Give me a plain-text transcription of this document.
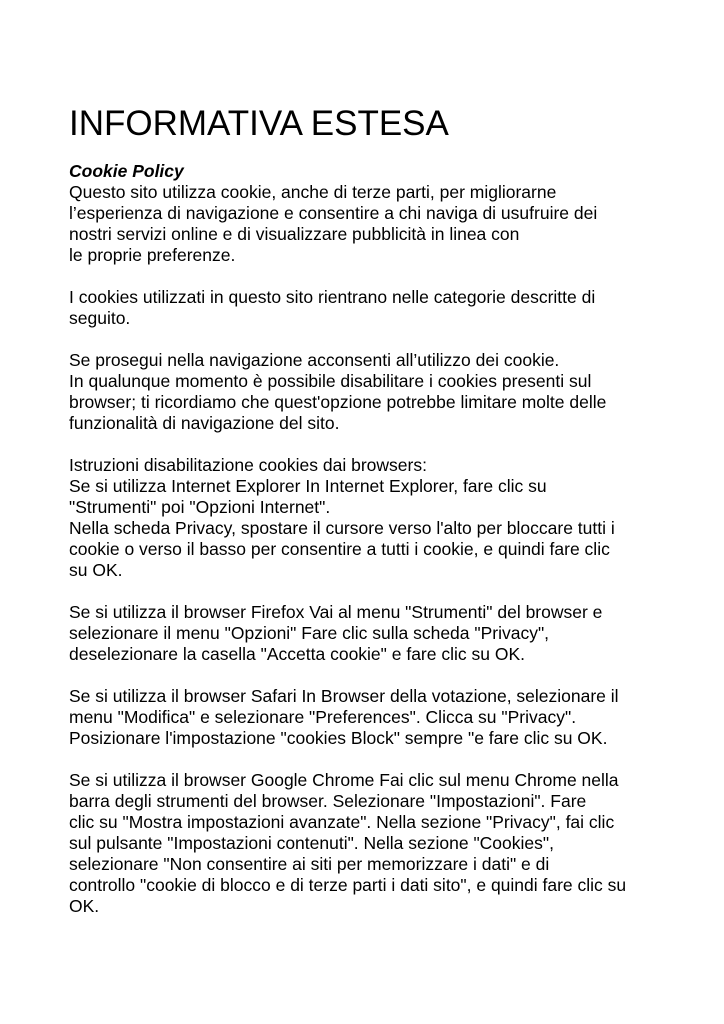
INFORMATIVA ESTESA
Cookie Policy
Questo sito utilizza cookie, anche di terze parti, per migliorarne
l’esperienza di navigazione e consentire a chi naviga di usufruire dei
nostri servizi online e di visualizzare pubblicità in linea con
le proprie preferenze.
I cookies utilizzati in questo sito rientrano nelle categorie descritte di
seguito.
Se prosegui nella navigazione acconsenti all’utilizzo dei cookie.
In qualunque momento è possibile disabilitare i cookies presenti sul
browser; ti ricordiamo che quest'opzione potrebbe limitare molte delle
funzionalità di navigazione del sito.
Istruzioni disabilitazione cookies dai browsers:
Se si utilizza Internet Explorer In Internet Explorer, fare clic su
"Strumenti" poi "Opzioni Internet".
Nella scheda Privacy, spostare il cursore verso l'alto per bloccare tutti i
cookie o verso il basso per consentire a tutti i cookie, e quindi fare clic
su OK.
Se si utilizza il browser Firefox Vai al menu "Strumenti" del browser e
selezionare il menu "Opzioni" Fare clic sulla scheda "Privacy",
deselezionare la casella "Accetta cookie" e fare clic su OK.
Se si utilizza il browser Safari In Browser della votazione, selezionare il
menu "Modifica" e selezionare "Preferences". Clicca su "Privacy".
Posizionare l'impostazione "cookies Block" sempre "e fare clic su OK.
Se si utilizza il browser Google Chrome Fai clic sul menu Chrome nella
barra degli strumenti del browser. Selezionare "Impostazioni". Fare
clic su "Mostra impostazioni avanzate". Nella sezione "Privacy", fai clic
sul pulsante "Impostazioni contenuti". Nella sezione "Cookies",
selezionare "Non consentire ai siti per memorizzare i dati" e di
controllo "cookie di blocco e di terze parti i dati sito", e quindi fare clic su
OK.
